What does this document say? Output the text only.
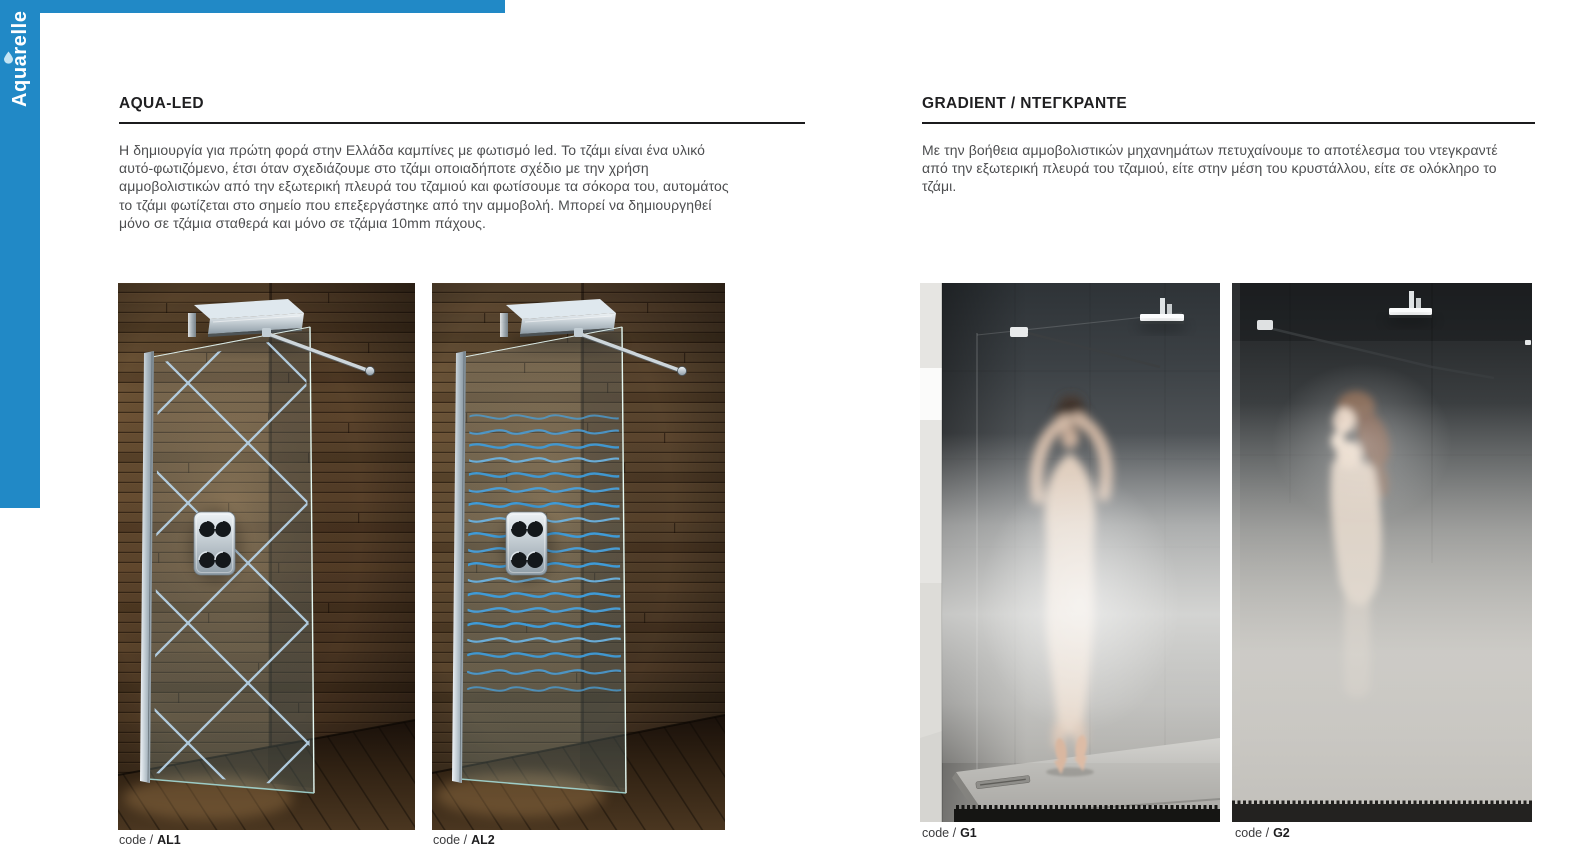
Aquarelle	AQUA-LED

Η δημιουργία για πρώτη φορά στην Ελλάδα καμπίνες με φωτισμό led. Το τζάμι είναι ένα υλικό αυτό-φωτιζόμενο, έτσι όταν σχεδιάζουμε στο τζάμι οποιαδήποτε σχέδιο με την χρήση αμμοβολιστικών από την εξωτερική πλευρά του τζαμιού και φωτίσουμε τα σόκορα του, αυτομάτος το τζάμι φωτίζεται στο σημείο που επεξεργάστηκε από την αμμοβολή. Μπορεί να δημιουργηθεί μόνο σε τζάμια σταθερά και μόνο σε τζάμια 10mm πάχους.

GRADIENT / ΝΤΕΓΚΡΑΝΤΕ

Με την βοήθεια αμμοβολιστικών μηχανημάτων πετυχαίνουμε το αποτέλεσμα του ντεγκραντέ από την εξωτερική πλευρά του τζαμιού, είτε στην μέση του κρυστάλλου, είτε σε ολόκληρο το τζάμι.

code / AL1	code / AL2	code / G1	code / G2
